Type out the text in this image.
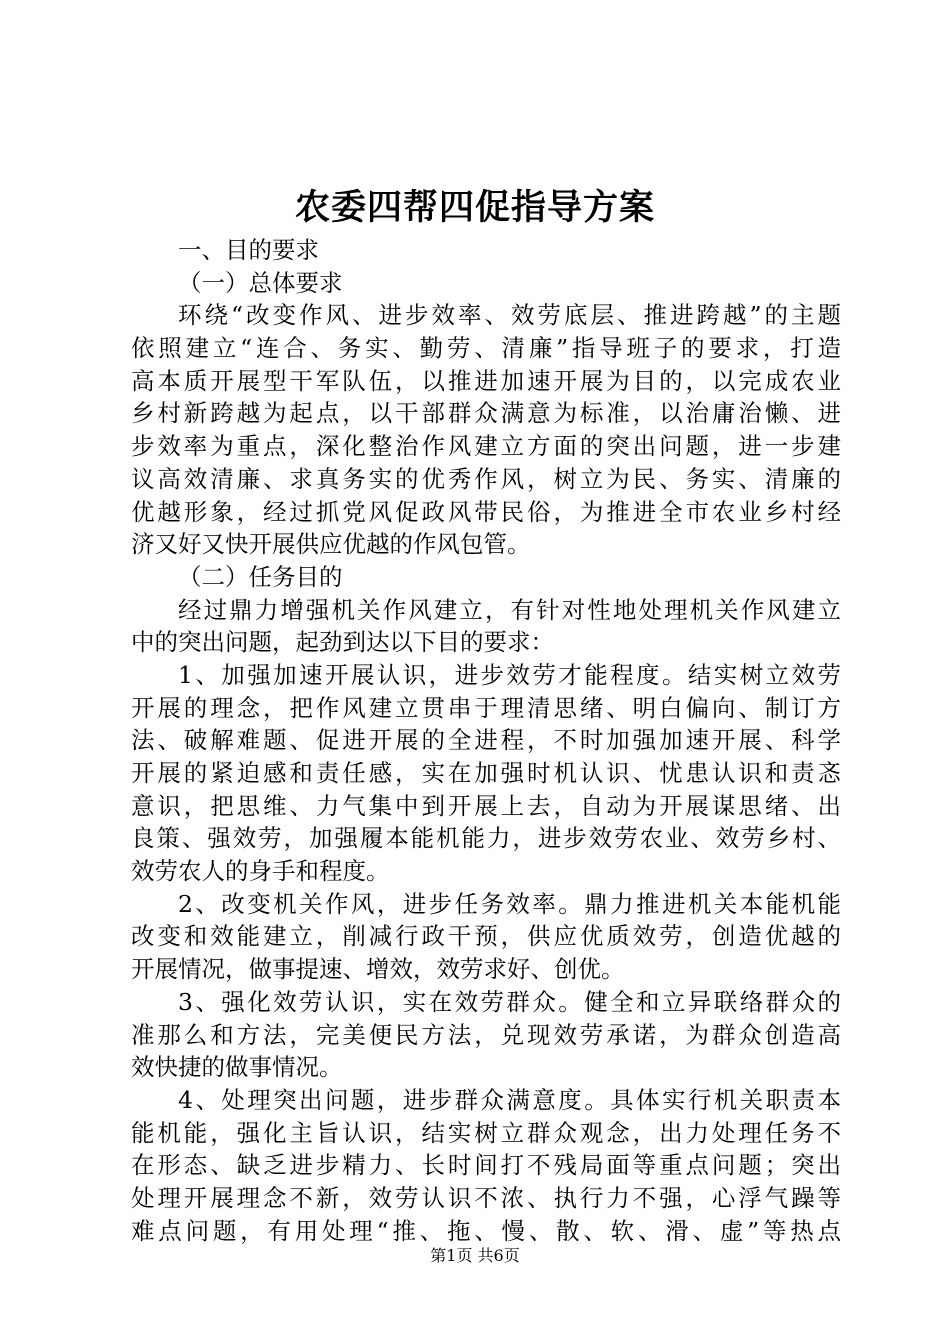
农委四帮四促指导方案
一、目的要求
（一）总体要求
环绕“改变作风、进步效率、效劳底层、推进跨越”的主题
依照建立“连合、务实、勤劳、清廉”指导班子的要求，打造
高本质开展型干军队伍，以推进加速开展为目的，以完成农业
乡村新跨越为起点，以干部群众满意为标准，以治庸治懒、进
步效率为重点，深化整治作风建立方面的突出问题，进一步建
议高效清廉、求真务实的优秀作风，树立为民、务实、清廉的
优越形象，经过抓党风促政风带民俗，为推进全市农业乡村经
济又好又快开展供应优越的作风包管。
（二）任务目的
经过鼎力增强机关作风建立，有针对性地处理机关作风建立
中的突出问题，起劲到达以下目的要求：
1、加强加速开展认识，进步效劳才能程度。结实树立效劳
开展的理念，把作风建立贯串于理清思绪、明白偏向、制订方
法、破解难题、促进开展的全进程，不时加强加速开展、科学
开展的紧迫感和责任感，实在加强时机认识、忧患认识和责忞
意识，把思维、力气集中到开展上去，自动为开展谋思绪、出
良策、强效劳，加强履本能机能力，进步效劳农业、效劳乡村、
效劳农人的身手和程度。
2、改变机关作风，进步任务效率。鼎力推进机关本能机能
改变和效能建立，削减行政干预，供应优质效劳，创造优越的
开展情况，做事提速、增效，效劳求好、创优。
3、强化效劳认识，实在效劳群众。健全和立异联络群众的
准那么和方法，完美便民方法，兑现效劳承诺，为群众创造高
效快捷的做事情况。
4、处理突出问题，进步群众满意度。具体实行机关职责本
能机能，强化主旨认识，结实树立群众观念，出力处理任务不
在形态、缺乏进步精力、长时间打不残局面等重点问题；突出
处理开展理念不新，效劳认识不浓、执行力不强，心浮气躁等
难点问题，有用处理“推、拖、慢、散、软、滑、虚”等热点
第1页 共6页
